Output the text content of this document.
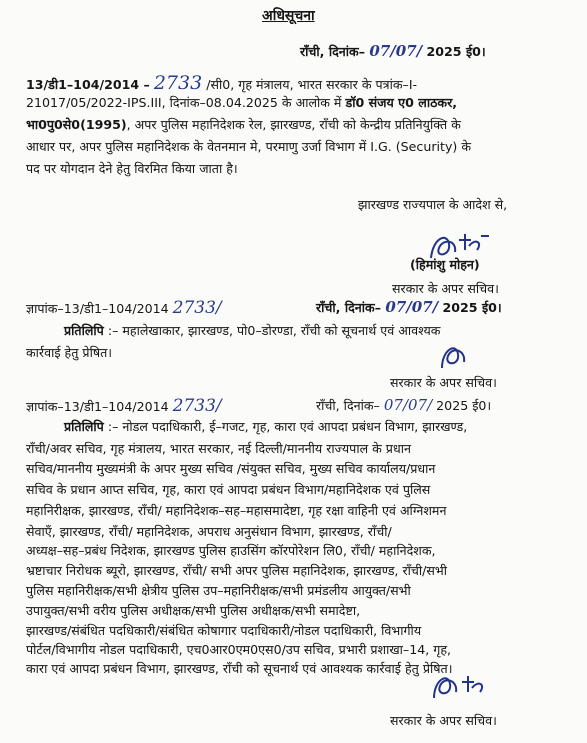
अधिसूचना
राँची, दिनांक– 07/07/ 2025 ई0।
13/डी1–104/2014 – 2733 /सी0, गृह मंत्रालय, भारत सरकार के पत्रांक–I-
21017/05/2022-IPS.III, दिनांक–08.04.2025 के आलोक में डॉ0 संजय ए0 लाठकर,
भा0पु0से0(1995), अपर पुलिस महानिदेशक रेल, झारखण्ड, राँची को केन्द्रीय प्रतिनियुक्ति के
आधार पर, अपर पुलिस महानिदेशक के वेतनमान मे, परमाणु उर्जा विभाग में I.G. (Security) के
पद पर योगदान देने हेतु विरमित किया जाता है।
झारखण्ड राज्यपाल के आदेश से,
(हिमांशु मोहन)
सरकार के अपर सचिव।
ज्ञापांक–13/डी1–104/2014 2733/	राँची, दिनांक– 07/07/ 2025 ई0।
प्रतिलिपि :– महालेखाकार, झारखण्ड, पो0–डोरण्डा, राँची को सूचनार्थ एवं आवश्यक
कार्रवाई हेतु प्रेषित।
सरकार के अपर सचिव।
ज्ञापांक–13/डी1–104/2014 2733/	राँची, दिनांक– 07/07/ 2025 ई0।
प्रतिलिपि :– नोडल पदाधिकारी, ई–गजट, गृह, कारा एवं आपदा प्रबंधन विभाग, झारखण्ड,
राँची/अवर सचिव, गृह मंत्रालय, भारत सरकार, नई दिल्ली/माननीय राज्यपाल के प्रधान
सचिव/माननीय मुख्यमंत्री के अपर मुख्य सचिव /संयुक्त सचिव, मुख्य सचिव कार्यालय/प्रधान
सचिव के प्रधान आप्त सचिव, गृह, कारा एवं आपदा प्रबंधन विभाग/महानिदेशक एवं पुलिस
महानिरीक्षक, झारखण्ड, राँची/ महानिदेशक–सह–महासमादेष्टा, गृह रक्षा वाहिनी एवं अग्निशमन
सेवाएँ, झारखण्ड, राँची/ महानिदेशक, अपराध अनुसंधान विभाग, झारखण्ड, राँची/
अध्यक्ष–सह–प्रबंध निदेशक, झारखण्ड पुलिस हाउसिंग कॉरपोरेशन लि0, राँची/ महानिदेशक,
भ्रष्टाचार निरोधक ब्यूरो, झारखण्ड, राँची/ सभी अपर पुलिस महानिदेशक, झारखण्ड, राँची/सभी
पुलिस महानिरीक्षक/सभी क्षेत्रीय पुलिस उप–महानिरीक्षक/सभी प्रमंडलीय आयुक्त/सभी
उपायुक्त/सभी वरीय पुलिस अधीक्षक/सभी पुलिस अधीक्षक/सभी समादेष्टा,
झारखण्ड/संबंधित पदधिकारी/संबंधित कोषागार पदाधिकारी/नोडल पदाधिकारी, विभागीय
पोर्टल/विभागीय नोडल पदाधिकारी, एच0आर0एम0एस0/उप सचिव, प्रभारी प्रशाखा–14, गृह,
कारा एवं आपदा प्रबंधन विभाग, झारखण्ड, राँची को सूचनार्थ एवं आवश्यक कार्रवाई हेतु प्रेषित।
सरकार के अपर सचिव।
